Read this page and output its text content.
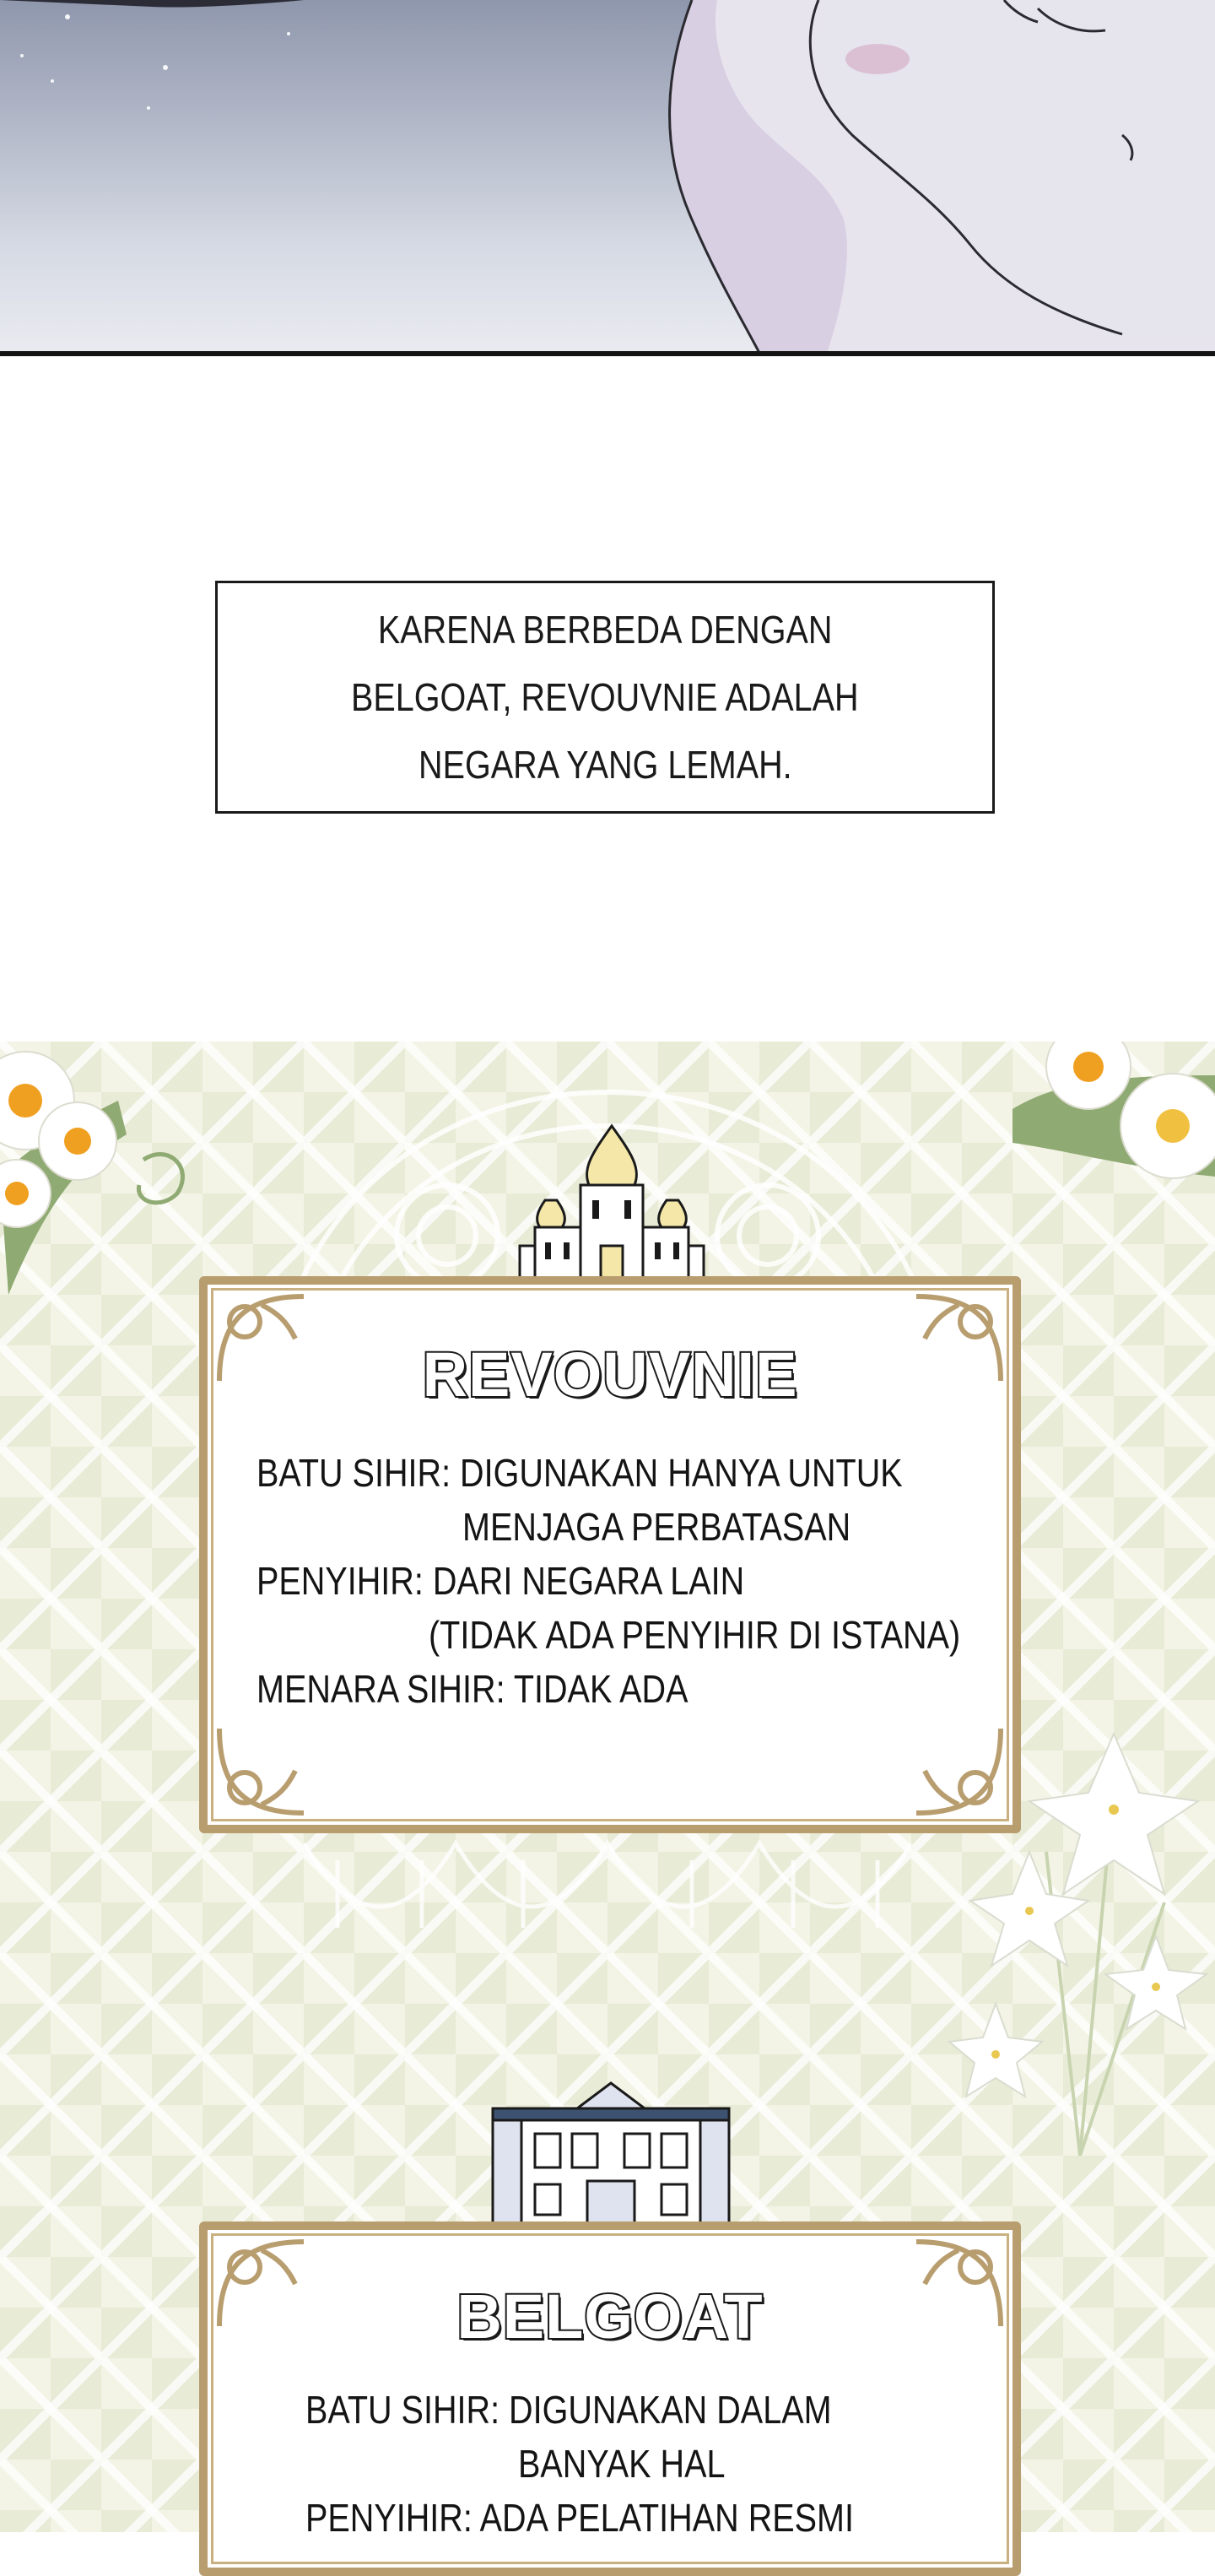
KARENA BERBEDA DENGAN
BELGOAT, REVOUVNIE ADALAH
NEGARA YANG LEMAH.
REVOUVNIE
BATU SIHIR: DIGUNAKAN HANYA UNTUK
MENJAGA PERBATASAN
PENYIHIR: DARI NEGARA LAIN
(TIDAK ADA PENYIHIR DI ISTANA)
MENARA SIHIR: TIDAK ADA
BELGOAT
BATU SIHIR: DIGUNAKAN DALAM
BANYAK HAL
PENYIHIR: ADA PELATIHAN RESMI
